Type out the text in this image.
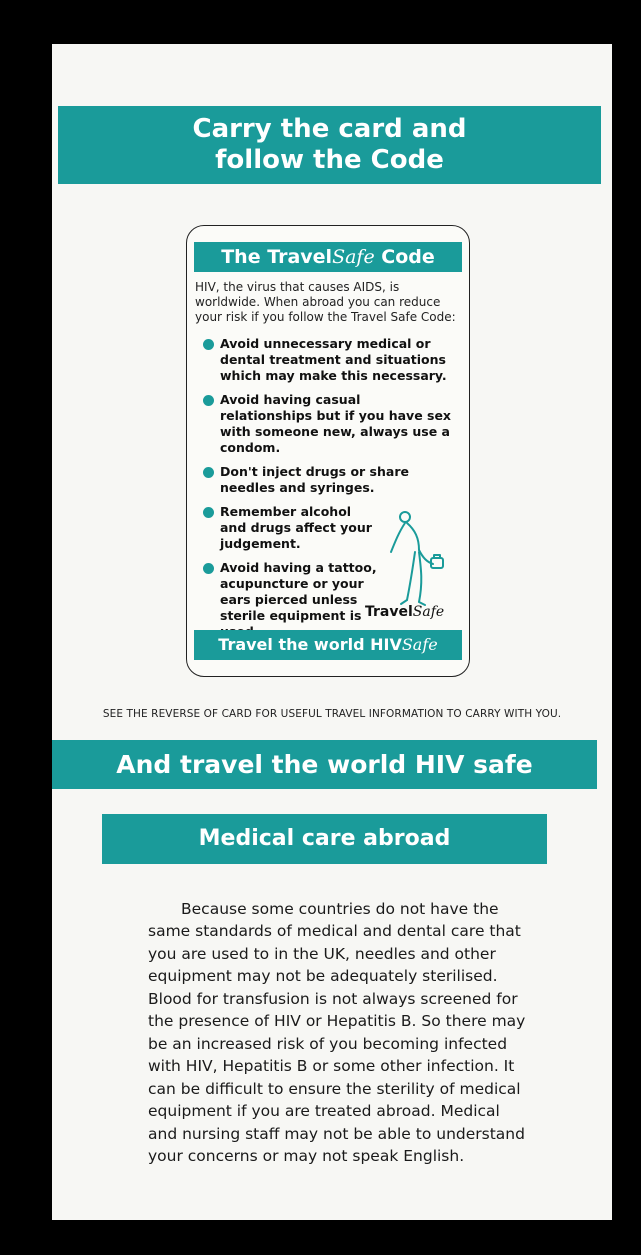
Carry the card and
follow the Code
The TravelSafe Code
HIV, the virus that causes AIDS, is worldwide. When abroad you can reduce your risk if you follow the Travel Safe Code:
Avoid unnecessary medical or dental treatment and situations which may make this necessary.
Avoid having casual relationships but if you have sex with someone new, always use a condom.
Don't inject drugs or share needles and syringes.
Remember alcohol and drugs affect your judgement.
Avoid having a tattoo, acupuncture or your ears pierced unless sterile equipment is TravelSafe
Travel the world HIVSafe
SEE THE REVERSE OF CARD FOR USEFUL TRAVEL INFORMATION TO CARRY WITH YOU.
And travel the world HIV safe
Medical care abroad

Because some countries do not have the same standards of medical and dental care that you are used to in the UK, needles and other equipment may not be adequately sterilised. Blood for transfusion is not always screened for the presence of HIV or Hepatitis B. So there may be an increased risk of you becoming infected with HIV, Hepatitis B or some other infection. It can be difficult to ensure the sterility of medical equipment if you are treated abroad. Medical and nursing staff may not be able to understand your concerns or may not speak English.
